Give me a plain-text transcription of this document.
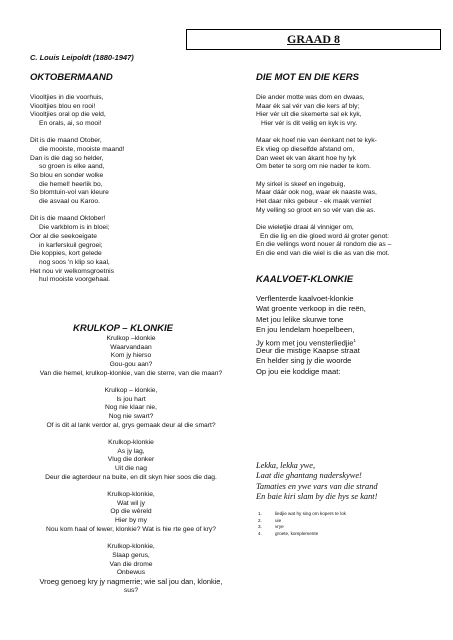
GRAAD 8
C. Louis Leipoldt (1880-1947)
OKTOBERMAAND
Viooltjies in die voorhuis,
Viooltjies blou en rooi!
Viooltjies oral op die veld,
En orals, ai, so mooi!
Dit is die maand Otober,
die mooiste, mooiste maand!
Dan is die dag so helder,
so groen is elke aand,
So blou en sonder wolke
die hemel! heerlik bo,
So blomtuin-vol van kleure
die asvaal ou Karoo.
Dit is die maand Oktober!
Die varkblom is in bloei;
Oor al die seekoeigate
in karferskuil gegroei;
Die koppies, kort gelede
nog soos 'n klip so kaal,
Het nou vir welkomsgroetnis
hul mooiste voorgehaal.
DIE MOT EN DIE KERS
Die ander motte was dom en dwaas,
Maar ék sal vér van die kers af bly;
Hier vér uit die skemerte sal ek kyk,
Hier vér is dit veilig en kyk is vry.
Maar ek hoef nie van éenkant net te kyk-
Ek vlieg op dieselfde afstand om,
Dan weet ek van ákant hoe hy lyk
Om beter te sorg om nie nader te kom.
My sirkel is skeef en ingebuig,
Maar dáár ook nog, waar ek naaste was,
Het daar niks gebeur - ek maak verniet
My velling so groot en so vér van die as.
Die wieletjie draai ál vinniger om,
En die lig en die gloed word ál groter genot:
En die vellings word nouer ál rondom die as –
En die end van die wiel is die as van die mot.
KRULKOP – KLONKIE
Krulkop –klonkie
Waarvandaan
Kom jy hierso
Gou-gou aan?
Van die hemel, krulkop-klonkie, van die sterre, van die maan?
Krulkop – klonkie,
Is jou hart
Nog nie klaar nie,
Nog nie swart?
Of is dit al lank verdor al, grys gemaak deur al die smart?
Krulkop-klonkie
As jy lag,
Vlug die donker
Uit die nag
Deur die agterdeur na buite, en dit skyn hier soos die dag.
Krulkop-klonkie,
Wat wil jy
Op die wêreld
Hier by my
Nou kom haal of lewer, klonkie? Wat is hie rte gee of kry?
Krulkop-klonkie,
Slaap gerus,
Van die drome
Onbewus
Vroeg genoeg kry jy nagmerrie; wie sal jou dan, klonkie,
sus?
KAALVOET-KLONKIE
Verflenterde kaalvoet-klonkie
Wat groente verkoop in die reën,
Met jou lelike skurwe tone
En jou lendelam hoepelbeen,
Jy kom met jou vensterliedjie$^1$
Deur die mistige Kaapse straat
En helder sing jy die woorde
Op jou eie koddige maat:
Lekka, lekka ywe,
Laat die ghantang naderskywe!
Tamaties en ywe vars van die strand
En baie kiri slam by die hys se kant!
1.	liedjie wat hy sing om kopers te lok
2.	uie
3.	vrye
4.	groete, komplemente
